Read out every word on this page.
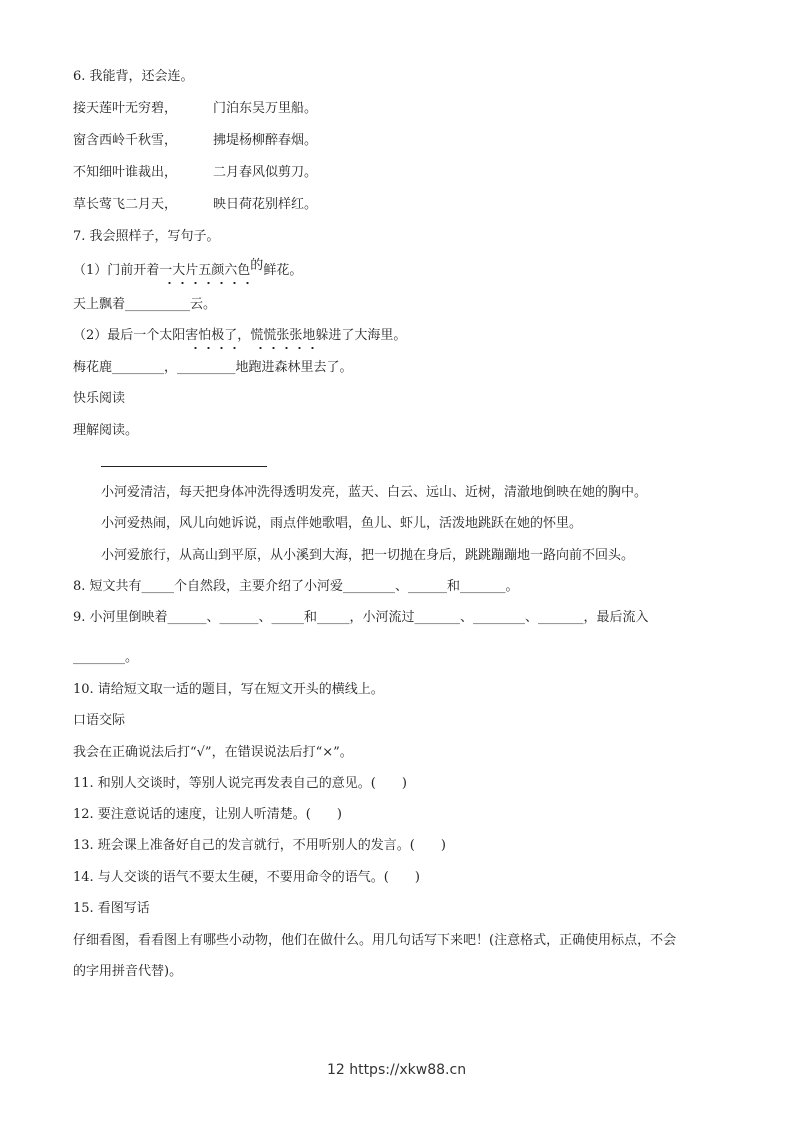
6. 我能背，还会连。
接天莲叶无穷碧，	门泊东吴万里船。
窗含西岭千秋雪，	拂堤杨柳醉春烟。
不知细叶谁裁出，	二月春风似剪刀。
草长莺飞二月天，	映日荷花别样红。
7. 我会照样子，写句子。
（1）门前开着一大片五颜六色的鲜花。
天上飘着__________云。
（2）最后一个太阳害怕极了，慌慌张张地躲进了大海里。
梅花鹿________，_________地跑进森林里去了。
快乐阅读
理解阅读。
小河爱清洁，每天把身体冲洗得透明发亮，蓝天、白云、远山、近树，清澈地倒映在她的胸中。
小河爱热闹，风儿向她诉说，雨点伴她歌唱，鱼儿、虾儿，活泼地跳跃在她的怀里。
小河爱旅行，从高山到平原，从小溪到大海，把一切抛在身后，跳跳蹦蹦地一路向前不回头。
8. 短文共有_____个自然段，主要介绍了小河爱________、______和_______。
9. 小河里倒映着______、______、_____和_____，小河流过_______、________、_______，最后流入
________。
10. 请给短文取一适的题目，写在短文开头的横线上。
口语交际
我会在正确说法后打“√”，在错误说法后打“×”。
11. 和别人交谈时，等别人说完再发表自己的意见。(　　)
12. 要注意说话的速度，让别人听清楚。(　　)
13. 班会课上准备好自己的发言就行，不用听别人的发言。(　　)
14. 与人交谈的语气不要太生硬，不要用命令的语气。(　　)
15. 看图写话
仔细看图，看看图上有哪些小动物，他们在做什么。用几句话写下来吧！(注意格式，正确使用标点，不会
的字用拼音代替)。
12 https://xkw88.cn
